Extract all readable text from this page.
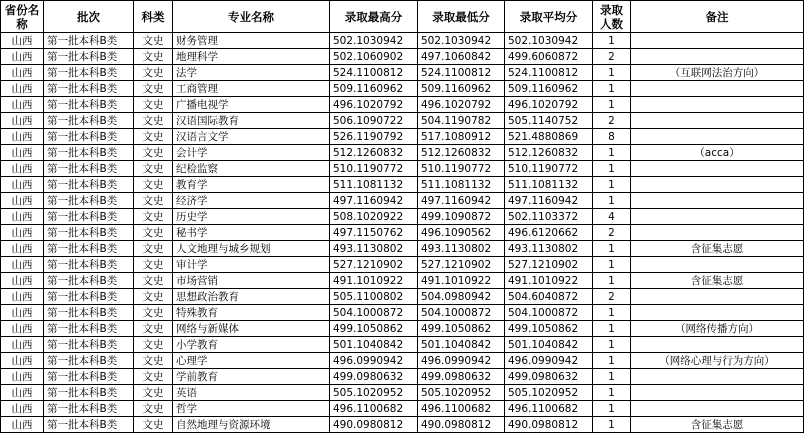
省份名称	批次	科类	专业名称	录取最高分	录取最低分	录取平均分	录取人数	备注
山西	第一批本科B类	文史	财务管理	502.1030942	502.1030942	502.1030942	1	
山西	第一批本科B类	文史	地理科学	502.1060902	497.1060842	499.6060872	2	
山西	第一批本科B类	文史	法学	524.1100812	524.1100812	524.1100812	1	（互联网法治方向）
山西	第一批本科B类	文史	工商管理	509.1160962	509.1160962	509.1160962	1	
山西	第一批本科B类	文史	广播电视学	496.1020792	496.1020792	496.1020792	1	
山西	第一批本科B类	文史	汉语国际教育	506.1090722	504.1190782	505.1140752	2	
山西	第一批本科B类	文史	汉语言文学	526.1190792	517.1080912	521.4880869	8	
山西	第一批本科B类	文史	会计学	512.1260832	512.1260832	512.1260832	1	（acca）
山西	第一批本科B类	文史	纪检监察	510.1190772	510.1190772	510.1190772	1	
山西	第一批本科B类	文史	教育学	511.1081132	511.1081132	511.1081132	1	
山西	第一批本科B类	文史	经济学	497.1160942	497.1160942	497.1160942	1	
山西	第一批本科B类	文史	历史学	508.1020922	499.1090872	502.1103372	4	
山西	第一批本科B类	文史	秘书学	497.1150762	496.1090562	496.6120662	2	
山西	第一批本科B类	文史	人文地理与城乡规划	493.1130802	493.1130802	493.1130802	1	含征集志愿
山西	第一批本科B类	文史	审计学	527.1210902	527.1210902	527.1210902	1	
山西	第一批本科B类	文史	市场营销	491.1010922	491.1010922	491.1010922	1	含征集志愿
山西	第一批本科B类	文史	思想政治教育	505.1100802	504.0980942	504.6040872	2	
山西	第一批本科B类	文史	特殊教育	504.1000872	504.1000872	504.1000872	1	
山西	第一批本科B类	文史	网络与新媒体	499.1050862	499.1050862	499.1050862	1	（网络传播方向）
山西	第一批本科B类	文史	小学教育	501.1040842	501.1040842	501.1040842	1	
山西	第一批本科B类	文史	心理学	496.0990942	496.0990942	496.0990942	1	（网络心理与行为方向）
山西	第一批本科B类	文史	学前教育	499.0980632	499.0980632	499.0980632	1	
山西	第一批本科B类	文史	英语	505.1020952	505.1020952	505.1020952	1	
山西	第一批本科B类	文史	哲学	496.1100682	496.1100682	496.1100682	1	
山西	第一批本科B类	文史	自然地理与资源环境	490.0980812	490.0980812	490.0980812	1	含征集志愿
